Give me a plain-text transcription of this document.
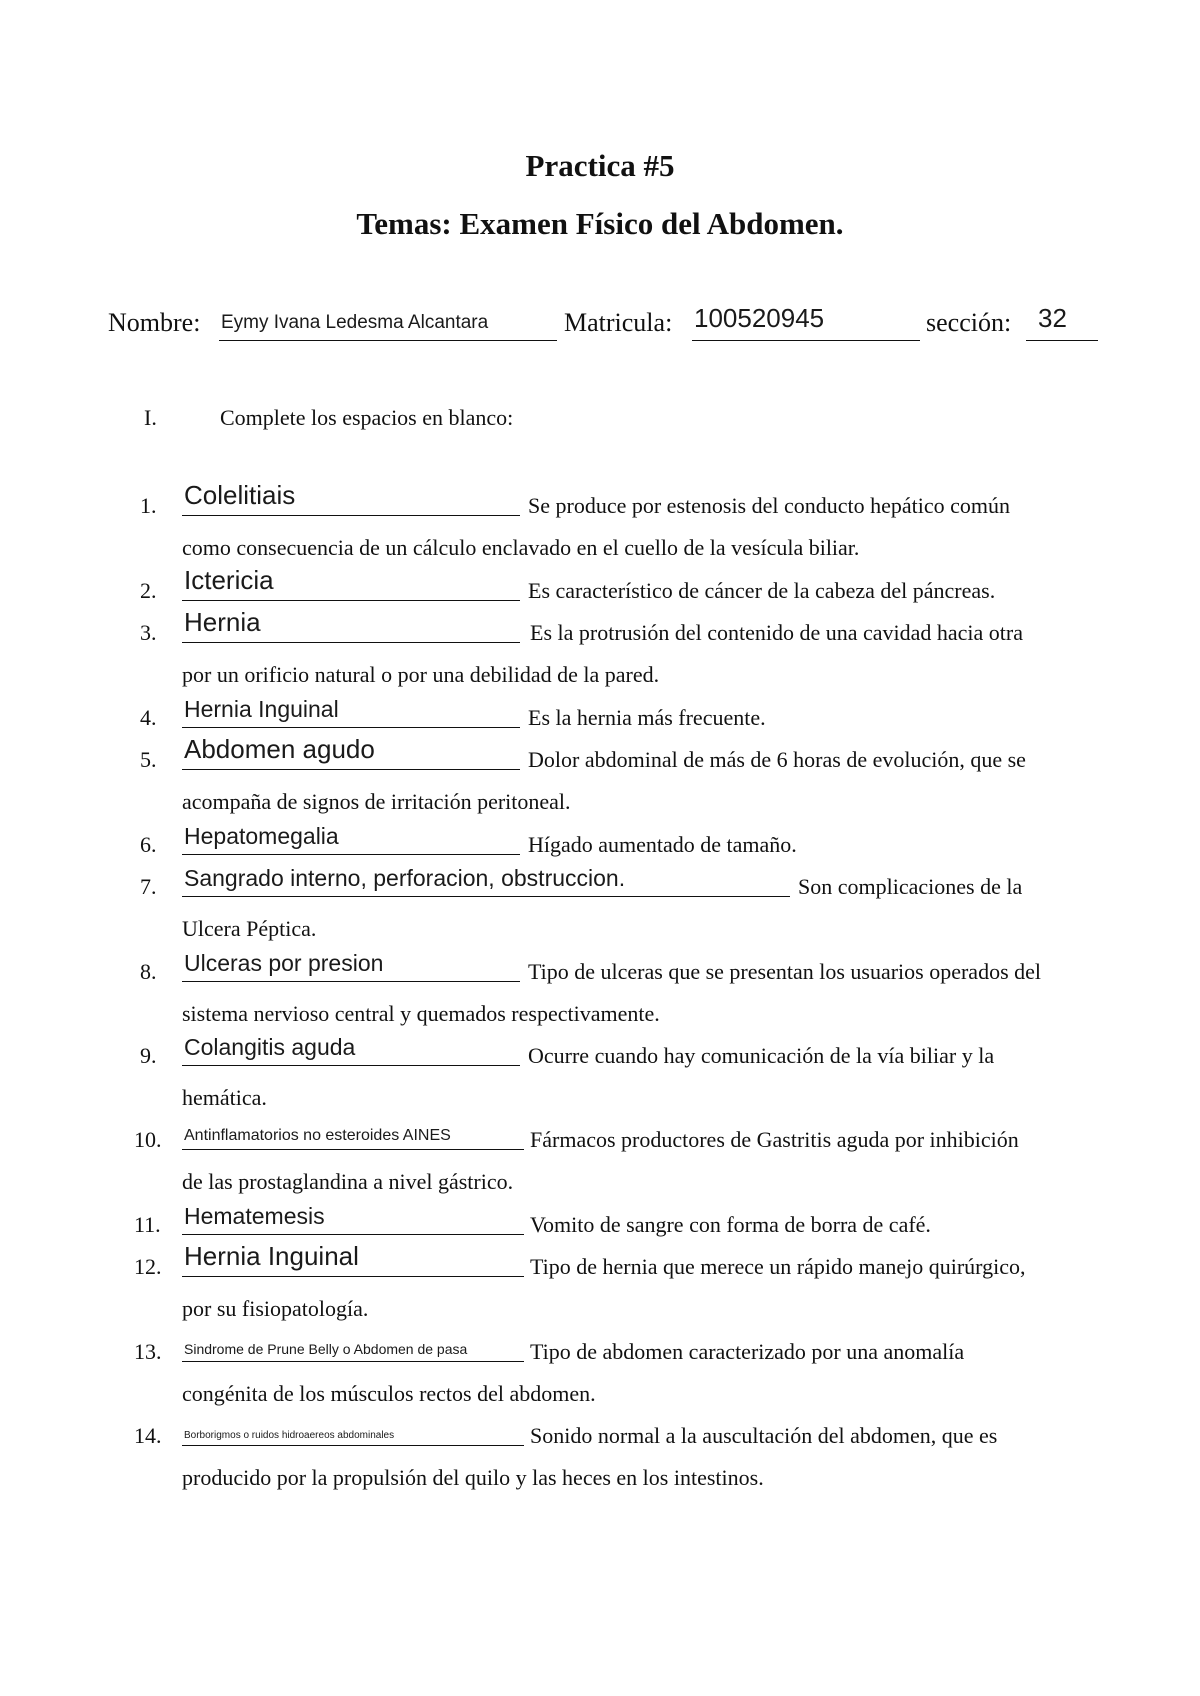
Practica #5
Temas: Examen Físico del Abdomen.
Nombre: Eymy Ivana Ledesma Alcantara	Matricula: 100520945	sección: 32
I.	Complete los espacios en blanco:
1.	Colelitiais	Se produce por estenosis del conducto hepático común
como consecuencia de un cálculo enclavado en el cuello de la vesícula biliar.
2.	Ictericia	Es característico de cáncer de la cabeza del páncreas.
3.	Hernia	Es la protrusión del contenido de una cavidad hacia otra
por un orificio natural o por una debilidad de la pared.
4.	Hernia Inguinal	Es la hernia más frecuente.
5.	Abdomen agudo	Dolor abdominal de más de 6 horas de evolución, que se
acompaña de signos de irritación peritoneal.
6.	Hepatomegalia	Hígado aumentado de tamaño.
7.	Sangrado interno, perforacion, obstruccion.	Son complicaciones de la
Ulcera Péptica.
8.	Ulceras por presion	Tipo de ulceras que se presentan los usuarios operados del
sistema nervioso central y quemados respectivamente.
9.	Colangitis aguda	Ocurre cuando hay comunicación de la vía biliar y la
hemática.
10.	Antinflamatorios no esteroides AINES	Fármacos productores de Gastritis aguda por inhibición
de las prostaglandina a nivel gástrico.
11.	Hematemesis	Vomito de sangre con forma de borra de café.
12. Hernia Inguinal	Tipo de hernia que merece un rápido manejo quirúrgico,
por su fisiopatología.
13.	Sindrome de Prune Belly o Abdomen de pasa	Tipo de abdomen caracterizado por una anomalía
congénita de los músculos rectos del abdomen.
14.	Borborigmos o ruidos hidroaereos abdominales	Sonido normal a la auscultación del abdomen, que es
producido por la propulsión del quilo y las heces en los intestinos.
